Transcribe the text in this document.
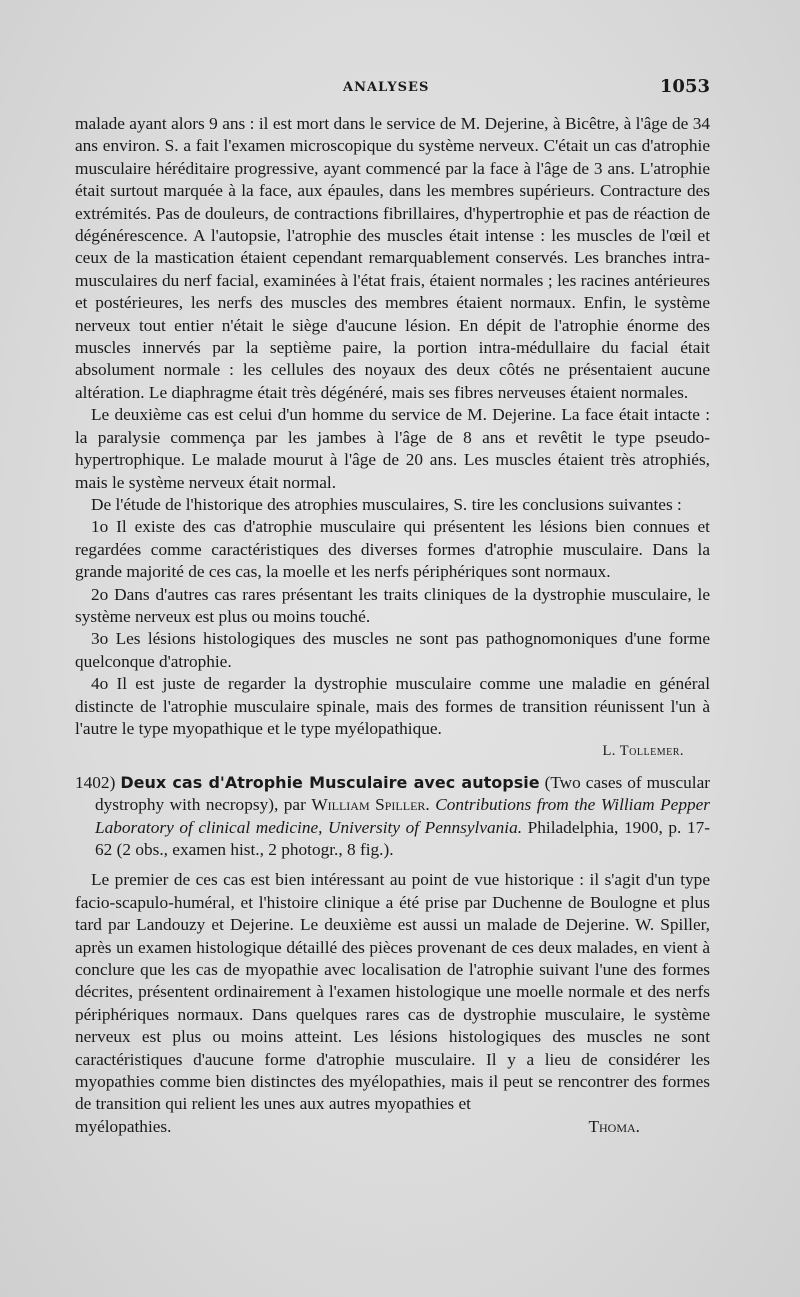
ANALYSES	1053

malade ayant alors 9 ans : il est mort dans le service de M. Dejerine, à Bicêtre, à l'âge de 34 ans environ. S. a fait l'examen microscopique du système nerveux. C'était un cas d'atrophie musculaire héréditaire progressive, ayant commencé par la face à l'âge de 3 ans. L'atrophie était surtout marquée à la face, aux épaules, dans les membres supérieurs. Contracture des extrémités. Pas de douleurs, de contractions fibrillaires, d'hypertrophie et pas de réaction de dégénérescence. A l'autopsie, l'atrophie des muscles était intense : les muscles de l'œil et ceux de la mastication étaient cependant remarquablement conservés. Les branches intra-musculaires du nerf facial, examinées à l'état frais, étaient normales ; les racines antérieures et postérieures, les nerfs des muscles des membres étaient normaux. Enfin, le système nerveux tout entier n'était le siège d'aucune lésion. En dépit de l'atrophie énorme des muscles innervés par la septième paire, la portion intra-médullaire du facial était absolument normale : les cellules des noyaux des deux côtés ne présentaient aucune altération. Le diaphragme était très dégénéré, mais ses fibres nerveuses étaient normales.

Le deuxième cas est celui d'un homme du service de M. Dejerine. La face était intacte : la paralysie commença par les jambes à l'âge de 8 ans et revêtit le type pseudo-hypertrophique. Le malade mourut à l'âge de 20 ans. Les muscles étaient très atrophiés, mais le système nerveux était normal.

De l'étude de l'historique des atrophies musculaires, S. tire les conclusions suivantes :

1o Il existe des cas d'atrophie musculaire qui présentent les lésions bien connues et regardées comme caractéristiques des diverses formes d'atrophie musculaire. Dans la grande majorité de ces cas, la moelle et les nerfs périphériques sont normaux.

2o Dans d'autres cas rares présentant les traits cliniques de la dystrophie musculaire, le système nerveux est plus ou moins touché.

3o Les lésions histologiques des muscles ne sont pas pathognomoniques d'une forme quelconque d'atrophie.

4o Il est juste de regarder la dystrophie musculaire comme une maladie en général distincte de l'atrophie musculaire spinale, mais des formes de transition réunissent l'un à l'autre le type myopathique et le type myélopathique.

L. Tollemer.

1402) Deux cas d'Atrophie Musculaire avec autopsie (Two cases of muscular dystrophy with necropsy), par William Spiller. Contributions from the William Pepper Laboratory of clinical medicine, University of Pennsylvania. Philadelphia, 1900, p. 17-62 (2 obs., examen hist., 2 photogr., 8 fig.).

Le premier de ces cas est bien intéressant au point de vue historique : il s'agit d'un type facio-scapulo-huméral, et l'histoire clinique a été prise par Duchenne de Boulogne et plus tard par Landouzy et Dejerine. Le deuxième est aussi un malade de Dejerine. W. Spiller, après un examen histologique détaillé des pièces provenant de ces deux malades, en vient à conclure que les cas de myopathie avec localisation de l'atrophie suivant l'une des formes décrites, présentent ordinairement à l'examen histologique une moelle normale et des nerfs périphériques normaux. Dans quelques rares cas de dystrophie musculaire, le système nerveux est plus ou moins atteint. Les lésions histologiques des muscles ne sont caractéristiques d'aucune forme d'atrophie musculaire. Il y a lieu de considérer les myopathies comme bien distinctes des myélopathies, mais il peut se rencontrer des formes de transition qui relient les unes aux autres myopathies et

myélopathies.	Thoma.
